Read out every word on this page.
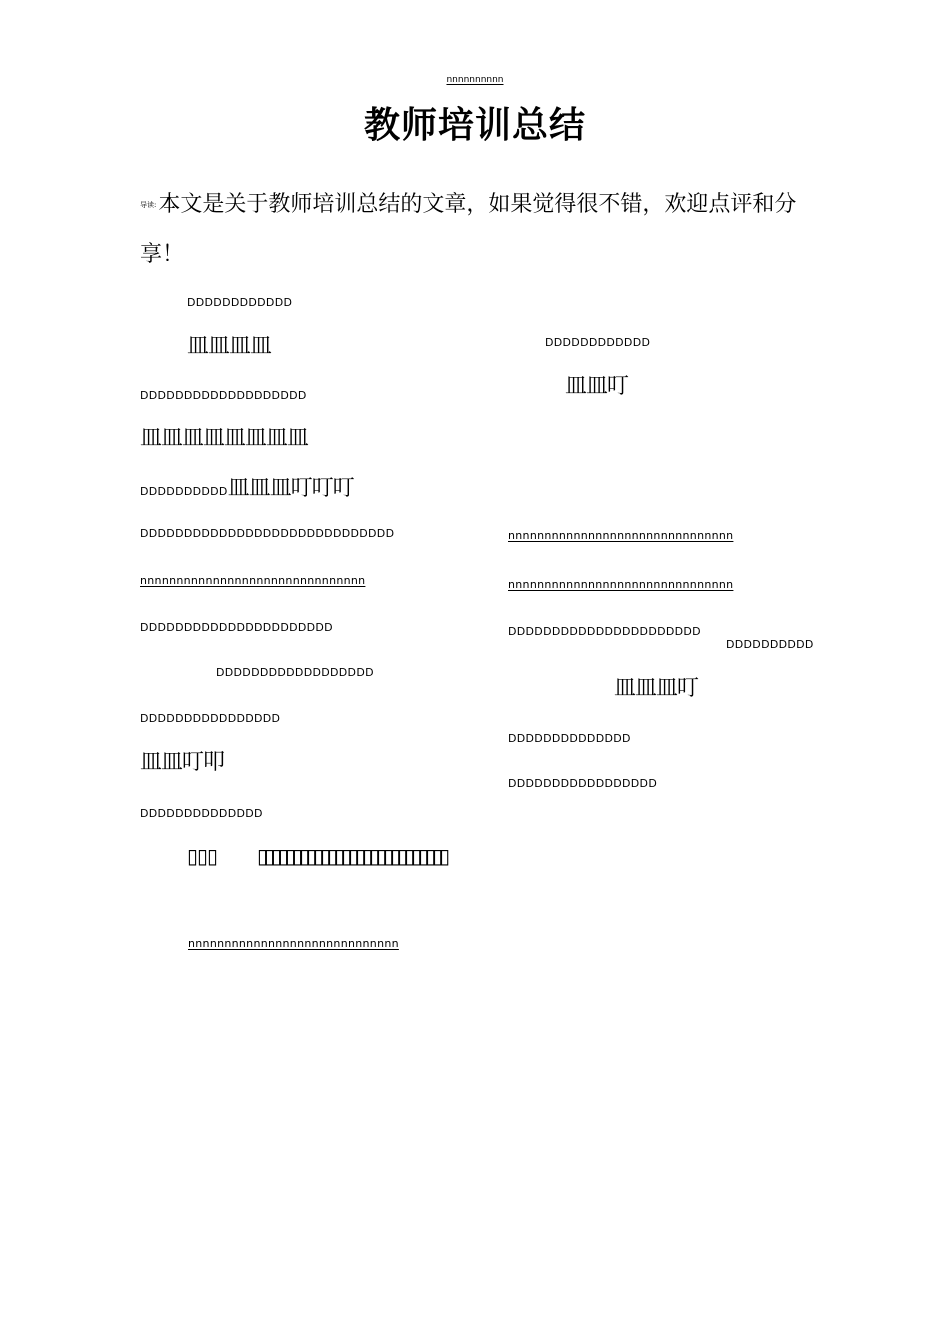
nnnnnnnnnn
教师培训总结
导读:本文是关于教师培训总结的文章，如果觉得很不错，欢迎点评和分享！
DDDDDDDDDDDD
皿皿皿皿
DDDDDDDDDDDDDDDDDDD
皿皿皿皿皿皿皿皿
DDDDDDDDDD皿皿皿叮叮叮
DDDDDDDDDDDDDDDDDDDDDDDDDDDDD
nnnnnnnnnnnnnnnnnnnnnnnnnnnnnnn
DDDDDDDDDDDDDDDDDDDDDD
DDDDDDDDDDDDDDDDDD
DDDDDDDDDDDDDDDD
皿皿叮叩
DDDDDDDDDDDDDD
▯▯▯ ▯▯▯▯▯▯▯▯▯▯▯▯▯▯▯▯▯▯▯▯▯▯▯▯▯▯▯
nnnnnnnnnnnnnnnnnnnnnnnnnnnnn
DDDDDDDDDDDD
皿皿叮
nnnnnnnnnnnnnnnnnnnnnnnnnnnnnnn
nnnnnnnnnnnnnnnnnnnnnnnnnnnnnnn
DDDDDDDDDDDDDDDDDDDDDD
DDDDDDDDDD
皿皿皿叮
DDDDDDDDDDDDDD
DDDDDDDDDDDDDDDDD
